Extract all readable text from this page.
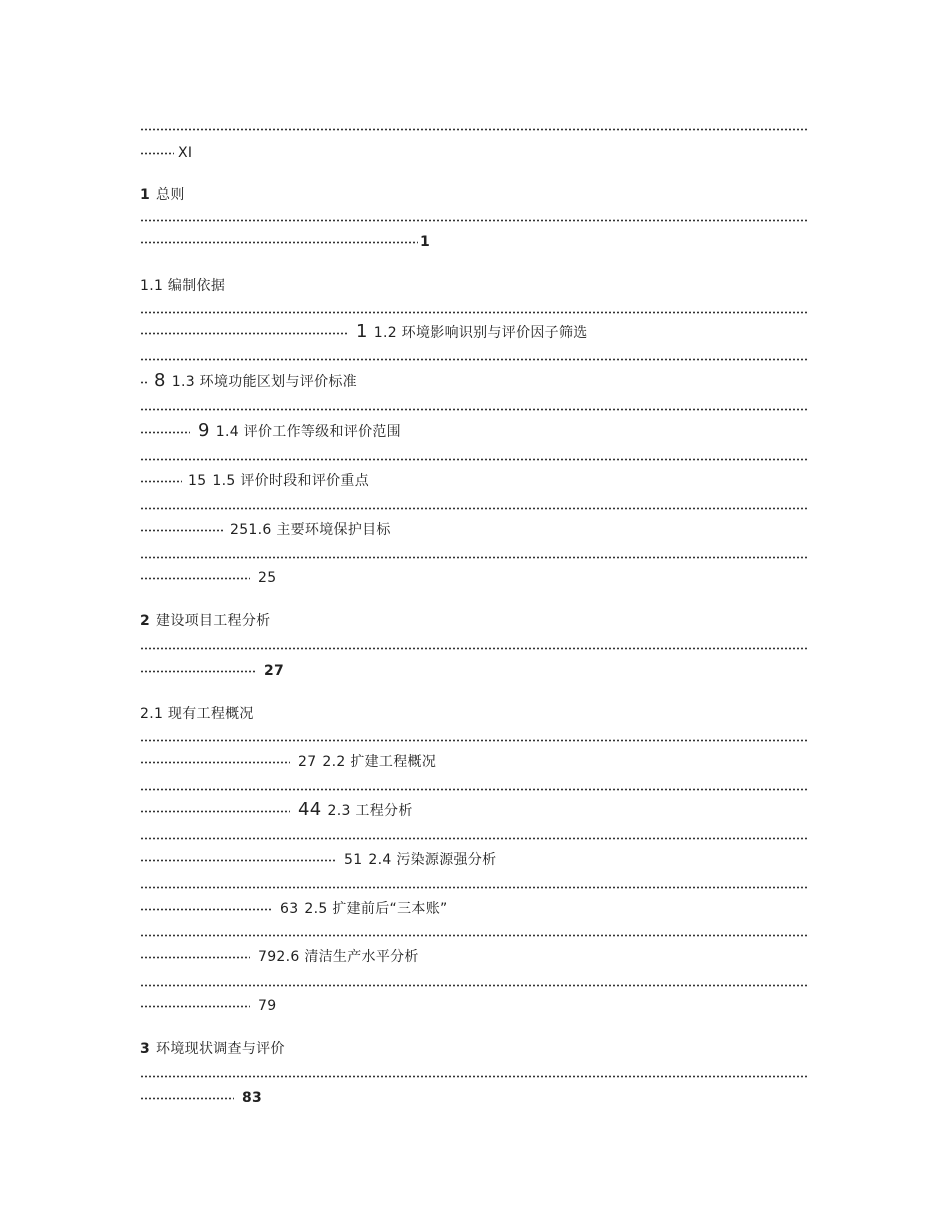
XI
1 总则
1
1.1 编制依据
1 1.2 环境影响识别与评价因子筛选
8 1.3 环境功能区划与评价标准
9 1.4 评价工作等级和评价范围
15 1.5 评价时段和评价重点
251.6 主要环境保护目标
25
2 建设项目工程分析
27
2.1 现有工程概况
27 2.2 扩建工程概况
44 2.3 工程分析
51 2.4 污染源源强分析
63 2.5 扩建前后“三本账”
792.6 清洁生产水平分析
79
3 环境现状调查与评价
83
